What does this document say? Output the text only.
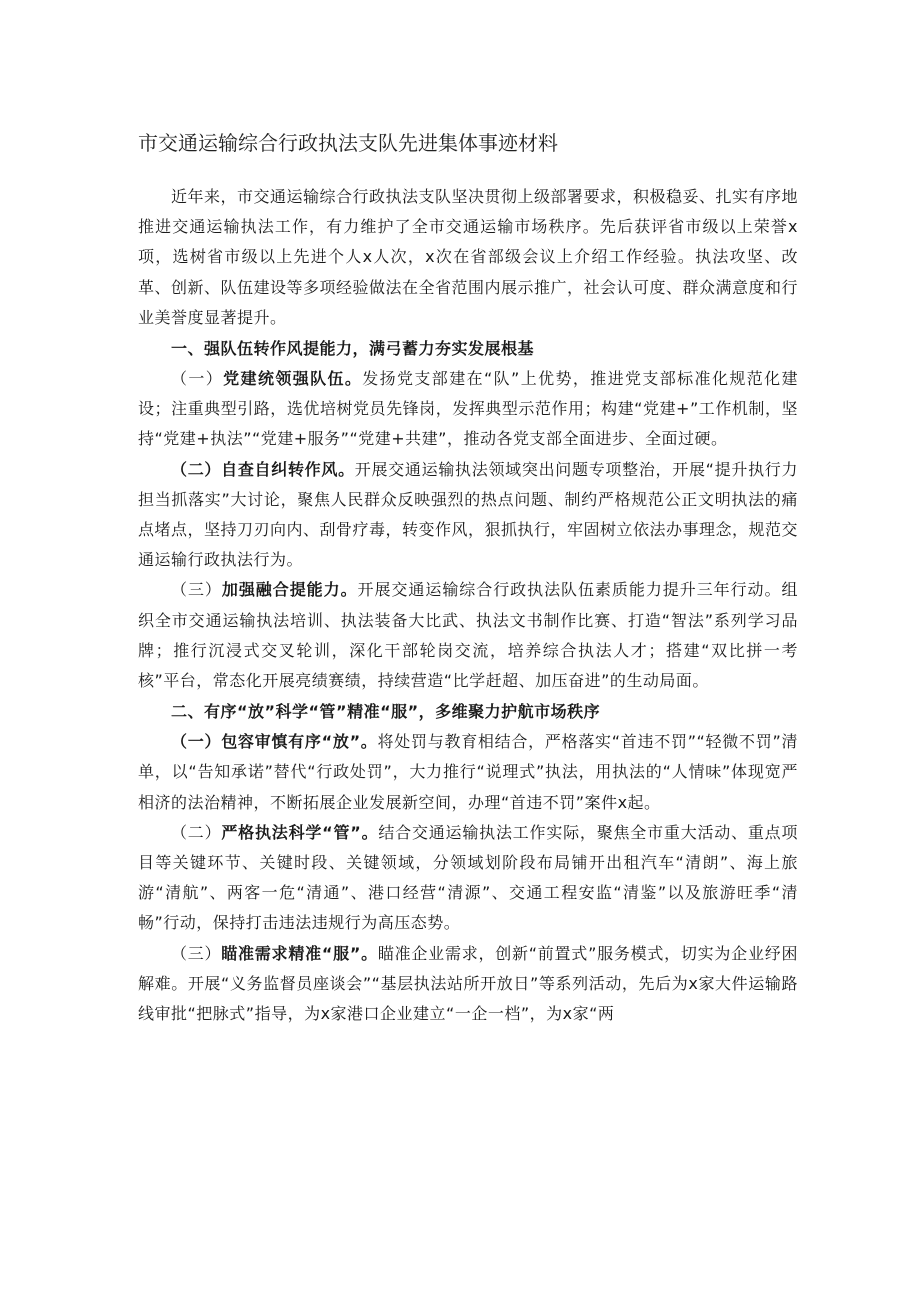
市交通运输综合行政执法支队先进集体事迹材料

近年来，市交通运输综合行政执法支队坚决贯彻上级部署要求，积极稳妥、扎实有序地推进交通运输执法工作，有力维护了全市交通运输市场秩序。先后获评省市级以上荣誉x项，选树省市级以上先进个人x人次，x次在省部级会议上介绍工作经验。执法攻坚、改革、创新、队伍建设等多项经验做法在全省范围内展示推广，社会认可度、群众满意度和行业美誉度显著提升。

一、强队伍转作风提能力，满弓蓄力夯实发展根基

（一）党建统领强队伍。发扬党支部建在“队”上优势，推进党支部标准化规范化建设；注重典型引路，选优培树党员先锋岗，发挥典型示范作用；构建“党建+”工作机制，坚持“党建+执法”“党建+服务”“党建+共建”，推动各党支部全面进步、全面过硬。

（二）自查自纠转作风。开展交通运输执法领域突出问题专项整治，开展“提升执行力担当抓落实”大讨论，聚焦人民群众反映强烈的热点问题、制约严格规范公正文明执法的痛点堵点，坚持刀刃向内、刮骨疗毒，转变作风，狠抓执行，牢固树立依法办事理念，规范交通运输行政执法行为。

（三）加强融合提能力。开展交通运输综合行政执法队伍素质能力提升三年行动。组织全市交通运输执法培训、执法装备大比武、执法文书制作比赛、打造“智法”系列学习品牌；推行沉浸式交叉轮训，深化干部轮岗交流，培养综合执法人才；搭建“双比拼一考核”平台，常态化开展亮绩赛绩，持续营造“比学赶超、加压奋进”的生动局面。

二、有序“放”科学“管”精准“服”，多维聚力护航市场秩序

（一）包容审慎有序“放”。将处罚与教育相结合，严格落实“首违不罚”“轻微不罚”清单，以“告知承诺”替代“行政处罚”，大力推行“说理式”执法，用执法的“人情味”体现宽严相济的法治精神，不断拓展企业发展新空间，办理“首违不罚”案件x起。

（二）严格执法科学“管”。结合交通运输执法工作实际，聚焦全市重大活动、重点项目等关键环节、关键时段、关键领域，分领域划阶段布局铺开出租汽车“清朗”、海上旅游“清航”、两客一危“清通”、港口经营“清源”、交通工程安监“清鉴”以及旅游旺季“清畅”行动，保持打击违法违规行为高压态势。

（三）瞄准需求精准“服”。瞄准企业需求，创新“前置式”服务模式，切实为企业纾困解难。开展“义务监督员座谈会”“基层执法站所开放日”等系列活动，先后为x家大件运输路线审批“把脉式”指导，为x家港口企业建立“一企一档”，为x家“两
